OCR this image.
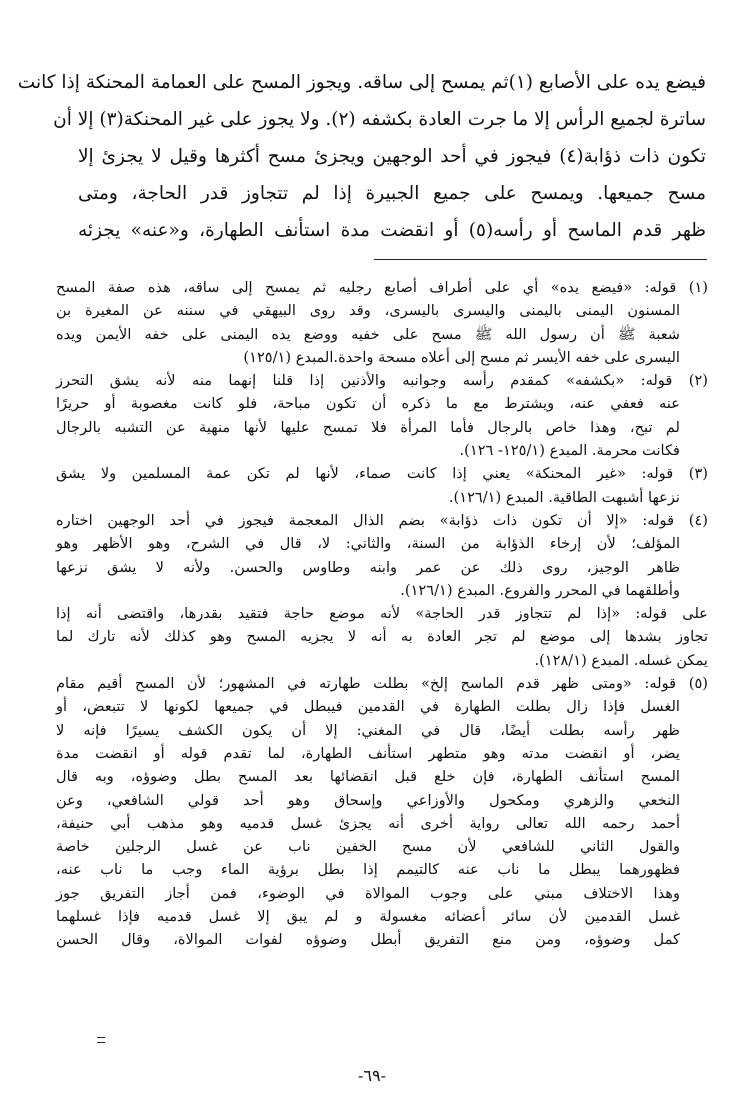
فيضع يده على الأصابع (١)ثم يمسح إلى ساقه. ويجوز المسح على العمامة المحنكة إذا كانت
ساترة لجميع الرأس إلا ما جرت العادة بكشفه (٢). ولا يجوز على غير المحنكة(٣) إلا أن
تكون ذات ذؤابة(٤) فيجوز في أحد الوجهين ويجزئ مسح أكثرها وقيل لا يجزئ إلا
مسح جميعها. ويمسح على جميع الجبيرة إذا لم تتجاوز قدر الحاجة، ومتى
ظهر قدم الماسح أو رأسه(٥) أو انقضت مدة استأنف الطهارة، و«عنه» يجزئه
(١) قوله: «فيضع يده» أي على أطراف أصابع رجليه ثم يمسح إلى ساقه، هذه صفة المسح
المسنون اليمنى باليمنى واليسرى باليسرى، وقد روى البيهقي في سننه عن المغيرة بن
شعبة ﷺ أن رسول الله ﷺ مسح على خفيه ووضع يده اليمنى على خفه الأيمن ويده
اليسرى على خفه الأيسر ثم مسح إلى أعلاه مسحة واحدة.المبدع (١٢٥/١)
(٢) قوله: «بكشفه» كمقدم رأسه وجوانبه والأذنين إذا قلنا إنهما منه لأنه يشق التحرز
عنه فعفي عنه، ويشترط مع ما ذكره أن تكون مباحة، فلو كانت مغصوبة أو حريرًا
لم تبح، وهذا خاص بالرجال فأما المرأة فلا تمسح عليها لأنها منهية عن التشبه بالرجال
فكانت محرمة. المبدع (١٢٥/١- ١٢٦).
(٣) قوله: «غير المحنكة» يعني إذا كانت صماء، لأنها لم تكن عمة المسلمين ولا يشق
نزعها أشبهت الطاقية. المبدع (١٢٦/١).
(٤) قوله: «إلا أن تكون ذات ذؤابة» بضم الذال المعجمة فيجوز في أحد الوجهين اختاره
المؤلف؛ لأن إرخاء الذؤابة من السنة، والثاني: لا، قال في الشرح، وهو الأظهر وهو
ظاهر الوجيز، روى ذلك عن عمر وابنه وطاوس والحسن. ولأنه لا يشق نزعها
وأطلقهما في المحرر والفروع. المبدع (١٢٦/١).
على قوله: «إذا لم تتجاوز قدر الحاجة» لأنه موضع حاجة فتقيد بقدرها، واقتضى أنه إذا
تجاوز بشدها إلى موضع لم تجر العادة به أنه لا يجزيه المسح وهو كذلك لأنه تارك لما
يمكن غسله. المبدع (١٢٨/١).
(٥) قوله: «ومتى ظهر قدم الماسح إلخ» بطلت طهارته في المشهور؛ لأن المسح أقيم مقام
الغسل فإذا زال بطلت الطهارة في القدمين فيبطل في جميعها لكونها لا تتبعض، أو
ظهر رأسه بطلت أيضًا، قال في المغني: إلا أن يكون الكشف يسيرًا فإنه لا
يضر، أو انقضت مدته وهو متطهر استأنف الطهارة، لما تقدم قوله أو انقضت مدة
المسح استأنف الطهارة، فإن خلع قبل انقضائها بعد المسح بطل وضوؤه، وبه قال
النخعي والزهري ومكحول والأوزاعي وإسحاق وهو أحد قولي الشافعي، وعن
أحمد رحمه الله تعالى رواية أخرى أنه يجزئ غسل قدميه وهو مذهب أبي حنيفة،
والقول الثاني للشافعي لأن مسح الخفين ناب عن غسل الرجلين خاصة
فظهورهما يبطل ما ناب عنه كالتيمم إذا بطل برؤية الماء وجب ما ناب عنه،
وهذا الاختلاف مبني على وجوب الموالاة في الوضوء، فمن أجاز التفريق جوز
غسل القدمين لأن سائر أعضائه مغسولة و لم يبق إلا غسل قدميه فإذا غسلهما
كمل وضوؤه، ومن منع التفريق أبطل وضوؤه لفوات الموالاة، وقال الحسن
-٦٩-
